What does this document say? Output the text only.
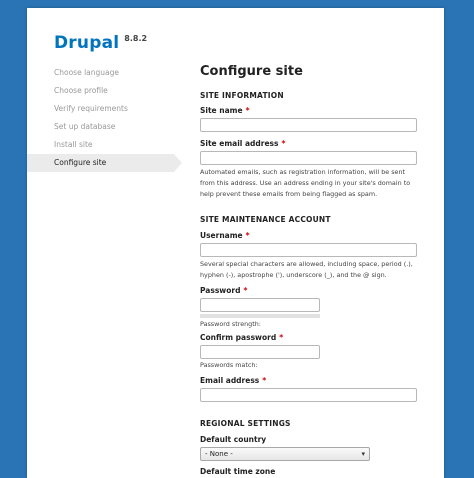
Drupal 8.8.2
Choose language
Choose profile
Verify requirements
Set up database
Install site
Configure site
Configure site
SITE INFORMATION
Site name *
Site email address *
Automated emails, such as registration information, will be sent
from this address. Use an address ending in your site's domain to
help prevent these emails from being flagged as spam.
SITE MAINTENANCE ACCOUNT
Username *
Several special characters are allowed, including space, period (.),
hyphen (-), apostrophe ('), underscore (_), and the @ sign.
Password *
Password strength:
Confirm password *
Passwords match:
Email address *
REGIONAL SETTINGS
Default country
- None -	▾
Default time zone
